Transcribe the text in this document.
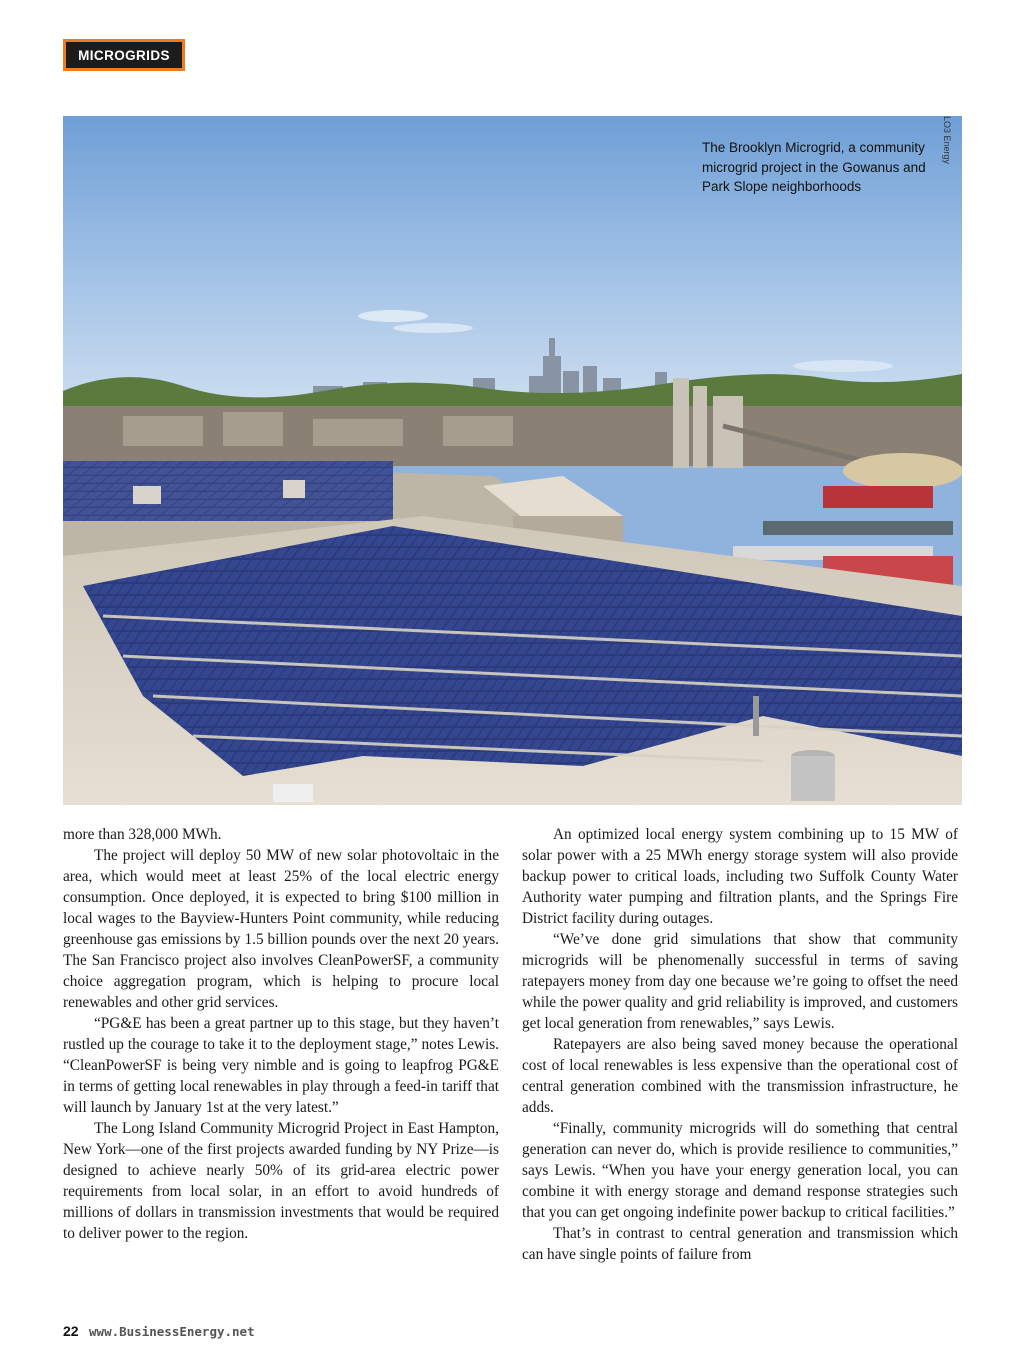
MICROGRIDS
The Brooklyn Microgrid, a community microgrid project in the Gowanus and Park Slope neighborhoods
LO3 Energy

more than 328,000 MWh.

The project will deploy 50 MW of new solar photovoltaic in the area, which would meet at least 25% of the local electric energy consumption. Once deployed, it is expected to bring $100 million in local wages to the Bayview-Hunters Point community, while reducing greenhouse gas emissions by 1.5 billion pounds over the next 20 years. The San Francisco project also involves CleanPowerSF, a community choice aggregation program, which is helping to procure local renewables and other grid services.

“PG&E has been a great partner up to this stage, but they haven’t rustled up the courage to take it to the deployment stage,” notes Lewis. “CleanPowerSF is being very nimble and is going to leapfrog PG&E in terms of getting local renewables in play through a feed-in tariff that will launch by January 1st at the very latest.”

The Long Island Community Microgrid Project in East Hampton, New York—one of the first projects awarded funding by NY Prize—is designed to achieve nearly 50% of its grid-area electric power requirements from local solar, in an effort to avoid hundreds of millions of dollars in transmission investments that would be required to deliver power to the region.

An optimized local energy system combining up to 15 MW of solar power with a 25 MWh energy storage system will also provide backup power to critical loads, including two Suffolk County Water Authority water pumping and filtration plants, and the Springs Fire District facility during outages.

“We’ve done grid simulations that show that community microgrids will be phenomenally successful in terms of saving ratepayers money from day one because we’re going to offset the need while the power quality and grid reliability is improved, and customers get local generation from renewables,” says Lewis.

Ratepayers are also being saved money because the operational cost of local renewables is less expensive than the operational cost of central generation combined with the transmission infrastructure, he adds.

“Finally, community microgrids will do something that central generation can never do, which is provide resilience to communities,” says Lewis. “When you have your energy generation local, you can combine it with energy storage and demand response strategies such that you can get ongoing indefinite power backup to critical facilities.”

That’s in contrast to central generation and transmission which can have single points of failure from

22 www.BusinessEnergy.net
